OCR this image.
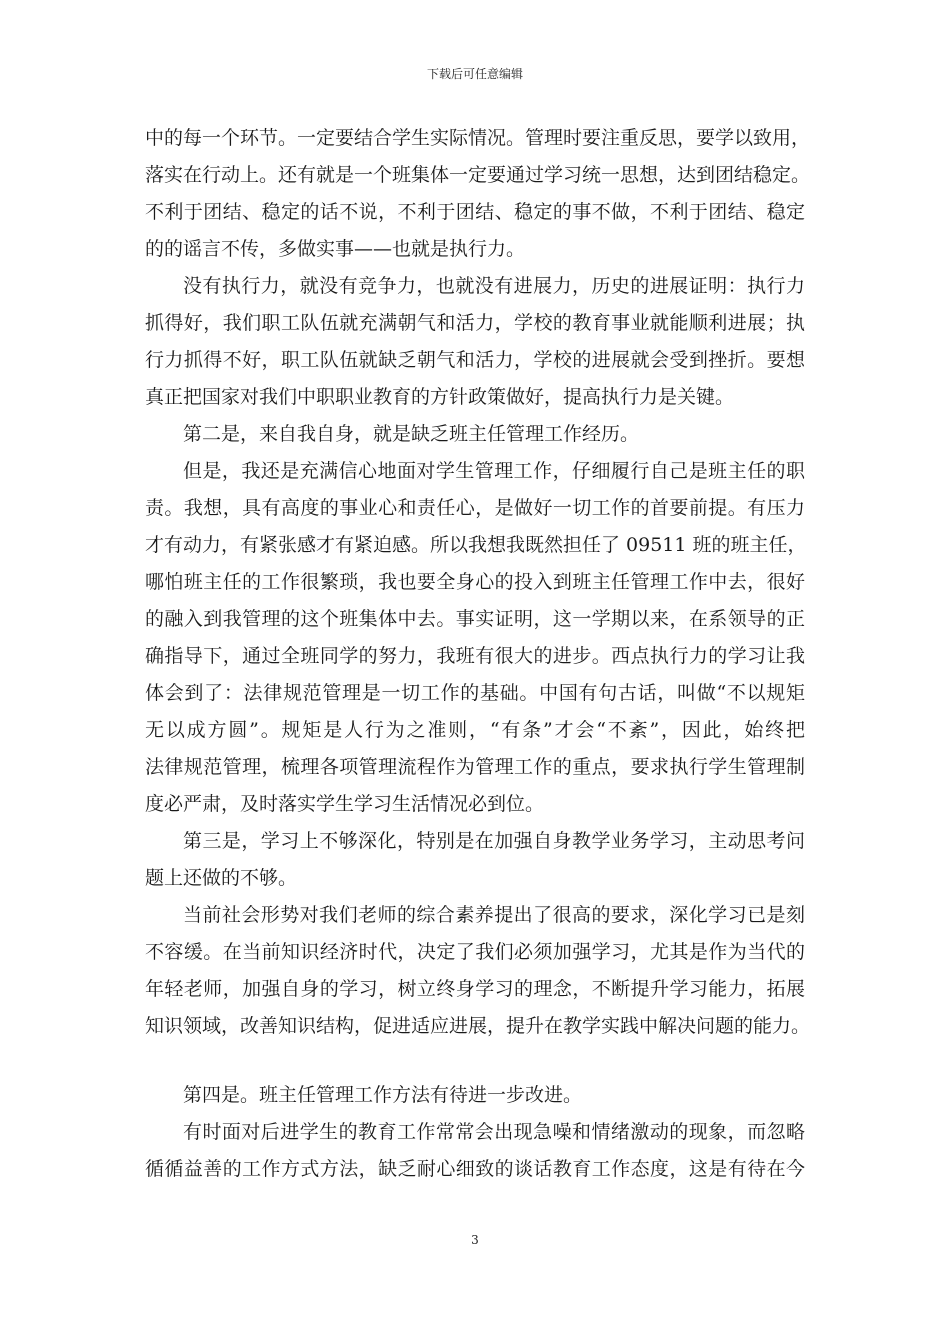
下载后可任意编辑
中的每一个环节。一定要结合学生实际情况。管理时要注重反思，要学以致用，
落实在行动上。还有就是一个班集体一定要通过学习统一思想，达到团结稳定。
不利于团结、稳定的话不说，不利于团结、稳定的事不做，不利于团结、稳定
的的谣言不传，多做实事——也就是执行力。
没有执行力，就没有竞争力，也就没有进展力，历史的进展证明：执行力
抓得好，我们职工队伍就充满朝气和活力，学校的教育事业就能顺利进展；执
行力抓得不好，职工队伍就缺乏朝气和活力，学校的进展就会受到挫折。要想
真正把国家对我们中职职业教育的方针政策做好，提高执行力是关键。
第二是，来自我自身，就是缺乏班主任管理工作经历。
但是，我还是充满信心地面对学生管理工作，仔细履行自己是班主任的职
责。我想，具有高度的事业心和责任心，是做好一切工作的首要前提。有压力
才有动力，有紧张感才有紧迫感。所以我想我既然担任了 09511 班的班主任，
哪怕班主任的工作很繁琐，我也要全身心的投入到班主任管理工作中去，很好
的融入到我管理的这个班集体中去。事实证明，这一学期以来，在系领导的正
确指导下，通过全班同学的努力，我班有很大的进步。西点执行力的学习让我
体会到了：法律规范管理是一切工作的基础。中国有句古话，叫做“不以规矩
无以成方圆”。规矩是人行为之准则，“有条”才会“不紊”，因此，始终把
法律规范管理，梳理各项管理流程作为管理工作的重点，要求执行学生管理制
度必严肃，及时落实学生学习生活情况必到位。
第三是，学习上不够深化，特别是在加强自身教学业务学习，主动思考问
题上还做的不够。
当前社会形势对我们老师的综合素养提出了很高的要求，深化学习已是刻
不容缓。在当前知识经济时代，决定了我们必须加强学习，尤其是作为当代的
年轻老师，加强自身的学习，树立终身学习的理念，不断提升学习能力，拓展
知识领域，改善知识结构，促进适应进展，提升在教学实践中解决问题的能力。
第四是。班主任管理工作方法有待进一步改进。
有时面对后进学生的教育工作常常会出现急噪和情绪激动的现象，而忽略
循循益善的工作方式方法，缺乏耐心细致的谈话教育工作态度，这是有待在今
3
